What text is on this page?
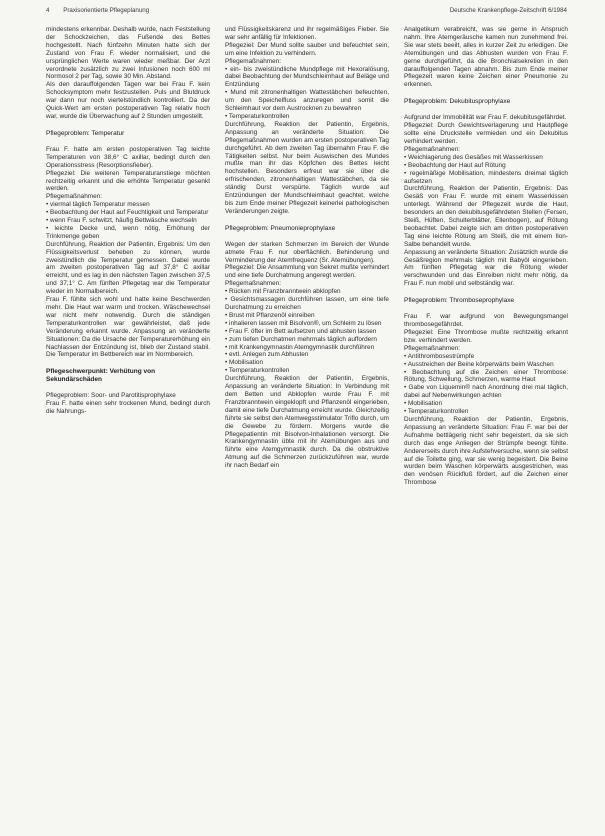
4 Praxisorientierte Pflegeplanung	Deutsche Krankenpflege-Zeitschrift 6/1984

mindestens erkennbar. Deshalb wurde, nach Feststellung der Schockzeichen, das Fußende des Bettes hochgestellt. Nach fünfzehn Minuten hatte sich der Zustand von Frau F. wieder normalisiert, und die ursprünglichen Werte waren wieder meßbar. Der Arzt verordnete zusätzlich zu zwei Infusionen noch 600 ml Normosol 2 per Tag, sowie 30 Min. Abstand.

Als den darauffolgenden Tagen war bei Frau F. kein Schocksymptom mehr festzustellen. Puls und Blutdruck war dann nur noch viertelstündlich kontrolliert. Da der Quick-Wert am ersten postoperativen Tag relativ hoch war, wurde die Überwachung auf 2 Stunden umgestellt.

Pflegeproblem: Temperatur

Frau F. hatte am ersten postoperativen Tag leichte Temperaturen von 38,6° C axillar, bedingt durch den Operationsstress (Resorptionsfieber).

Pflegeziel: Die weiteren Temperaturanstiege möchten rechtzeitig erkannt und die erhöhte Temperatur gesenkt werden.

Pflegemaßnahmen:

• viermal täglich Temperatur messen

• Beobachtung der Haut auf Feuchtigkeit und Temperatur

• wenn Frau F. schwitzt, häufig Bettwäsche wechseln

• leichte Decke und, wenn nötig, Erhöhung der Trinkmenge geben

Durchführung, Reaktion der Patientin, Ergebnis: Um den Flüssigkeitsverlust beheben zu können, wurde zweistündlich die Temperatur gemessen. Dabei wurde am zweiten postoperativen Tag auf 37,8° C axillar erreicht, und es lag in den nächsten Tagen zwischen 37,5 und 37,1° C. Am fünften Pflegetag war die Temperatur wieder im Normalbereich.

Frau F. fühlte sich wohl und hatte keine Beschwerden mehr. Die Haut war warm und trocken. Wäschewechsel war nicht mehr notwendig. Durch die ständigen Temperaturkontrollen war gewährleistet, daß jede Veränderung erkannt wurde. Anpassung an veränderte Situationen: Da die Ursache der Temperaturerhöhung ein Nachlassen der Entzündung ist, blieb der Zustand stabil. Die Temperatur im Bettbereich war im Normbereich.

Pflegeschwerpunkt: Verhütung von Sekundärschäden

Pflegeproblem: Soor- und Parotitisprophylaxe

Frau F. hatte einen sehr trockenen Mund, bedingt durch die Nahrungs-

und Flüssigkeitskarenz und ihr regelmäßiges Fieber. Sie war sehr anfällig für Infektionen.

Pflegeziel: Der Mund sollte sauber und befeuchtet sein, um eine Infektion zu verhindern.

Pflegemaßnahmen:

• ein- bis zweistündliche Mundpflege mit Hexoralösung, dabei Beobachtung der Mundschleimhaut auf Beläge und Entzündung

• Mund mit zitronenhaltigen Wattestäbchen befeuchten, um den Speichelfluss anzuregen und somit die Schleimhaut vor dem Austrocknen zu bewahren

• Temperaturkontrollen

Durchführung, Reaktion der Patientin, Ergebnis, Anpassung an veränderte Situation: Die Pflegemaßnahmen wurden am ersten postoperativen Tag durchgeführt. Ab dem zweiten Tag übernahm Frau F. die Tätigkeiten selbst. Nur beim Auswischen des Mundes mußte man ihr das Köpfchen des Bettes leicht hochstellen. Besonders erfreut war sie über die erfrischenden, zitronenhaltigen Wattestäbchen, da sie ständig Durst verspürte. Täglich wurde auf Entzündungen der Mundschleimhaut geachtet, welche bis zum Ende meiner Pflegezeit keinerlei pathologischen Veränderungen zeigte.

Pflegeproblem: Pneumonieprophylaxe

Wegen der starken Schmerzen im Bereich der Wunde atmete Frau F. nur oberflächlich. Behinderung und Verminderung der Atemfrequenz (Sr. Atemübungen).

Pflegeziel: Die Ansammlung von Sekret mußte verhindert und eine tiefe Durchatmung angeregt werden.

Pflegemaßnahmen:

• Rücken mit Franzbranntwein abklopfen

• Gesichtsmassagen durchführen lassen, um eine tiefe Durchatmung zu erreichen

• Brust mit Pflanzenöl einreiben

• inhalieren lassen mit Bisolvon®, um Schleim zu lösen

• Frau F. öfter im Bett aufsetzen und abhusten lassen

• zum tiefen Durchatmen mehrmals täglich auffordern

• mit Krankengymnastin Atemgymnastik durchführen

• evtl. Anlegen zum Abhusten

• Mobilisation

• Temperaturkontrollen

Durchführung, Reaktion der Patientin, Ergebnis, Anpassung an veränderte Situation: In Verbindung mit dem Betten und Abklopfen wurde Frau F. mit Franzbranntwein eingeklopft und Pflanzenöl eingerieben, damit eine tiefe Durchatmung erreicht wurde. Gleichzeitig führte sie selbst den Atemwegsstimulator Triflo durch, um die Gewebe zu fördern. Morgens wurde die Pflegepatientin mit Bisolvon-Inhalationen versorgt. Die Krankengymnastin übte mit ihr Atemübungen aus und führte eine Atemgymnastik durch. Da die obstruktive Atmung auf die Schmerzen zurückzuführen war, wurde ihr nach Bedarf ein

Analgetikum verabreicht, was sie gerne in Anspruch nahm. Ihre Atemgeräusche kamen nun zunehmend frei. Sie war stets beeilt, alles in kurzer Zeit zu erledigen. Die Atemübungen und das Abhusten wurden von Frau F. gerne durchgeführt, da die Bronchialsekretion in den darauffolgenden Tagen abnahm. Bis zum Ende meiner Pflegezeit waren keine Zeichen einer Pneumonie zu erkennen.

Pflegeproblem: Dekubitusprophylaxe

Aufgrund der Immobilität war Frau F. dekubitusgefährdet.

Pflegeziel: Durch Gewichtsverlagerung und Hautpflege sollte eine Druckstelle vermieden und ein Dekubitus verhindert werden.

Pflegemaßnahmen:

• Weichlagerung des Gesäßes mit Wasserkissen

• Beobachtung der Haut auf Rötung

• regelmäßige Mobilisation, mindestens dreimal täglich aufsetzen

Durchführung, Reaktion der Patientin, Ergebnis: Das Gesäß von Frau F. wurde mit einem Wasserkissen unterlegt. Während der Pflegezeit wurde die Haut, besonders an den dekubitusgefährdeten Stellen (Fersen, Steiß, Hüften, Schulterblätter, Ellenbogen), auf Rötung beobachtet. Dabei zeigte sich am dritten postoperativen Tag eine leichte Rötung am Steiß, die mit einem Ilon-Salbe behandelt wurde.

Anpassung an veränderte Situation: Zusätzlich wurde die Gesäßregion mehrmals täglich mit Babyöl eingerieben. Am fünften Pflegetag war die Rötung wieder verschwunden und das Einreiben nicht mehr nötig, da Frau F. nun mobil und selbständig war.

Pflegeproblem: Thromboseprophylaxe

Frau F. war aufgrund von Bewegungsmangel thrombosegefährdet.

Pflegeziel: Eine Thrombose mußte rechtzeitig erkannt bzw. verhindert werden.

Pflegemaßnahmen:

• Antithrombosestrümpfe

• Ausstreichen der Beine körperwärts beim Waschen

• Beobachtung auf die Zeichen einer Thrombose: Rötung, Schwellung, Schmerzen, warme Haut

• Gabe von Liquemin® nach Anordnung drei mal täglich, dabei auf Nebenwirkungen achten

• Mobilisation

• Temperaturkontrollen

Durchführung, Reaktion der Patientin, Ergebnis, Anpassung an veränderte Situation: Frau F. war bei der Aufnahme bettlägerig nicht sehr begeistert, da sie sich durch das enge Anliegen der Strümpfe beengt fühlte. Andererseits durch ihre Aufstehversuche, wenn sie selbst auf die Toilette ging, war sie wenig begeistert. Die Beine wurden beim Waschen körperwärts ausgestrichen, was den venösen Rückfluß fördert, auf die Zeichen einer Thrombose
